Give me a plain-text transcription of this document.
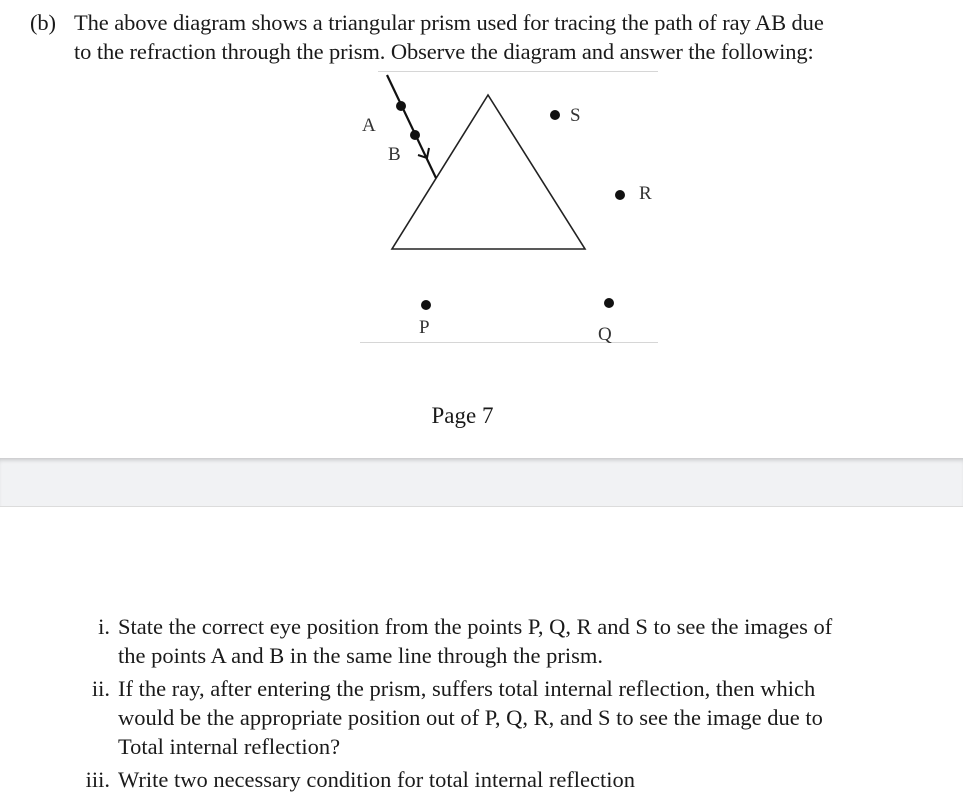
(b) The above diagram shows a triangular prism used for tracing the path of ray AB due
to the refraction through the prism. Observe the diagram and answer the following:
A
B
S
R
P	Q
Page 7
i. State the correct eye position from the points P, Q, R and S to see the images of
the points A and B in the same line through the prism.
ii. If the ray, after entering the prism, suffers total internal reflection, then which
would be the appropriate position out of P, Q, R, and S to see the image due to
Total internal reflection?
iii. Write two necessary condition for total internal reflection
